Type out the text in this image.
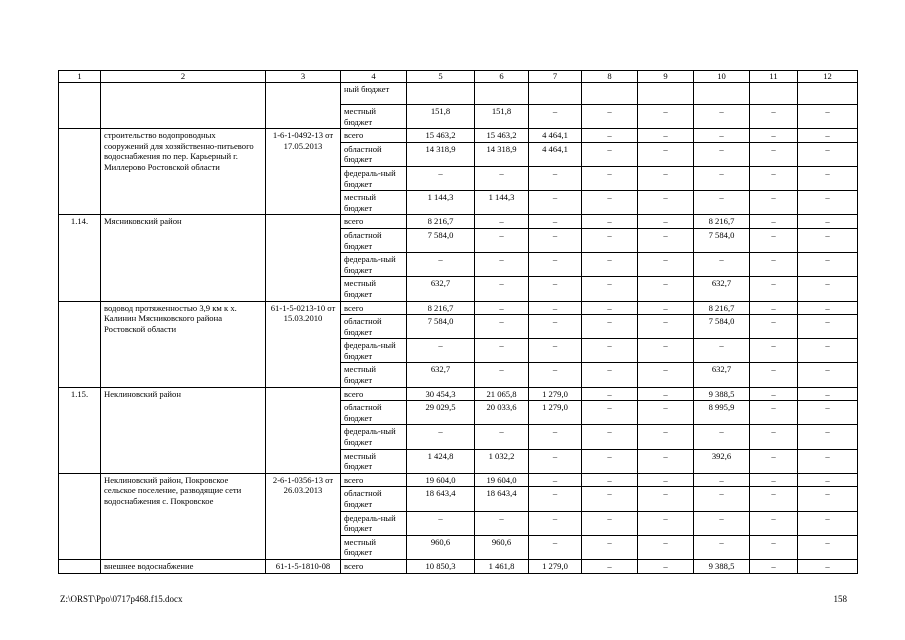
1	2	3	4	5	6	7	8	9	10	11	12
			ный бюджет								
			местный бюджет	151,8	151,8	–	–	–	–	–	–
	строительство водопроводных сооружений для хозяйственно-питьевого водоснабжения по пер. Карьерный г. Миллерово Ростовской области	1-6-1-0492-13 от 17.05.2013	всего	15 463,2	15 463,2	4 464,1	–	–	–	–	–
			областной бюджет	14 318,9	14 318,9	4 464,1	–	–	–	–	–
			федераль-ный бюджет	–	–	–	–	–	–	–	–
			местный бюджет	1 144,3	1 144,3	–	–	–	–	–	–
1.14.	Мясниковский район		всего	8 216,7	–	–	–	–	8 216,7	–	–
			областной бюджет	7 584,0	–	–	–	–	7 584,0	–	–
			федераль-ный бюджет	–	–	–	–	–	–	–	–
			местный бюджет	632,7	–	–	–	–	632,7	–	–
	водовод протяженностью 3,9 км к х. Калинин Мясниковского района Ростовской области	61-1-5-0213-10 от 15.03.2010	всего	8 216,7	–	–	–	–	8 216,7	–	–
			областной бюджет	7 584,0	–	–	–	–	7 584,0	–	–
			федераль-ный бюджет	–	–	–	–	–	–	–	–
			местный бюджет	632,7	–	–	–	–	632,7	–	–
1.15.	Неклиновский район		всего	30 454,3	21 065,8	1 279,0	–	–	9 388,5	–	–
			областной бюджет	29 029,5	20 033,6	1 279,0	–	–	8 995,9	–	–
			федераль-ный бюджет	–	–	–	–	–	–	–	–
			местный бюджет	1 424,8	1 032,2	–	–	–	392,6	–	–
	Неклиновский район, Покровское сельское поселение, разводящие сети водоснабжения с. Покровское	2-6-1-0356-13 от 26.03.2013	всего	19 604,0	19 604,0	–	–	–	–	–	–
			областной бюджет	18 643,4	18 643,4	–	–	–	–	–	–
			федераль-ный бюджет	–	–	–	–	–	–	–	–
			местный бюджет	960,6	960,6	–	–	–	–	–	–
	внешнее водоснабжение	61-1-5-1810-08	всего	10 850,3	1 461,8	1 279,0	–	–	9 388,5	–	–
Z:\ORST\Ppo\0717p468.f15.docx	158
